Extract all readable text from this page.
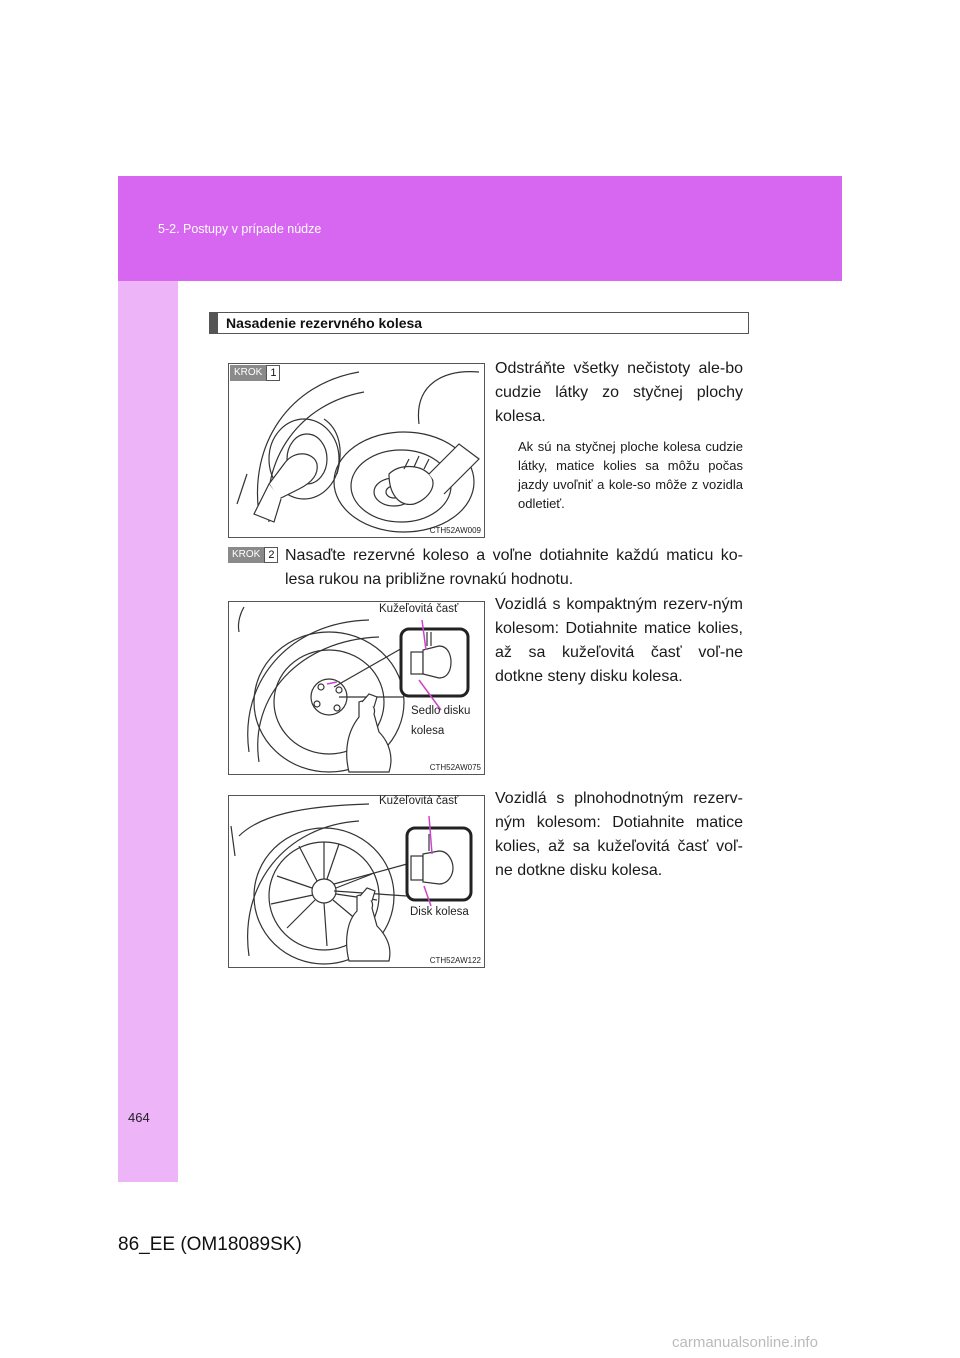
5-2. Postupy v prípade núdze
Nasadenie rezervného kolesa
KROK 1
CTH52AW009
Odstráňte všetky nečistoty ale-bo cudzie látky zo styčnej plochy kolesa.
Ak sú na styčnej ploche kolesa cudzie látky, matice kolies sa môžu počas jazdy uvoľniť a kole-so môže z vozidla odletieť.
KROK 2 Nasaďte rezervné koleso a voľne dotiahnite každú maticu ko-lesa rukou na približne rovnakú hodnotu.
Kužeľovitá časť
Sedlo disku
kolesa
CTH52AW075
Vozidlá s kompaktným rezerv-ným kolesom: Dotiahnite matice kolies, až sa kužeľovitá časť voľ-ne dotkne steny disku kolesa.
Kužeľovitá časť
Disk kolesa
CTH52AW122
Vozidlá s plnohodnotným rezerv-ným kolesom: Dotiahnite matice kolies, až sa kužeľovitá časť voľ-ne dotkne disku kolesa.
464
86_EE (OM18089SK)
carmanualsonline.info
